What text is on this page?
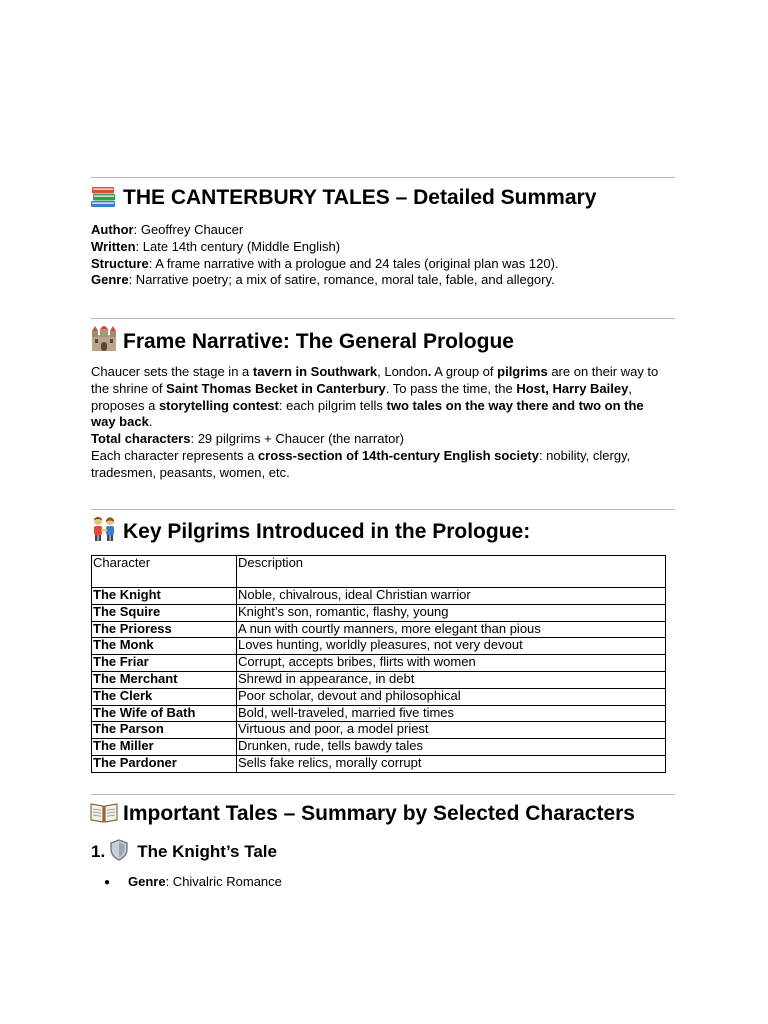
THE CANTERBURY TALES – Detailed Summary
Author: Geoffrey Chaucer
Written: Late 14th century (Middle English)
Structure: A frame narrative with a prologue and 24 tales (original plan was 120).
Genre: Narrative poetry; a mix of satire, romance, moral tale, fable, and allegory.
Frame Narrative: The General Prologue
Chaucer sets the stage in a tavern in Southwark, London. A group of pilgrims are on their way to the shrine of Saint Thomas Becket in Canterbury. To pass the time, the Host, Harry Bailey, proposes a storytelling contest: each pilgrim tells two tales on the way there and two on the way back.
Total characters: 29 pilgrims + Chaucer (the narrator)
Each character represents a cross-section of 14th-century English society: nobility, clergy, tradesmen, peasants, women, etc.
Key Pilgrims Introduced in the Prologue:
Character	Description
The Knight	Noble, chivalrous, ideal Christian warrior
The Squire	Knight’s son, romantic, flashy, young
The Prioress	A nun with courtly manners, more elegant than pious
The Monk	Loves hunting, worldly pleasures, not very devout
The Friar	Corrupt, accepts bribes, flirts with women
The Merchant	Shrewd in appearance, in debt
The Clerk	Poor scholar, devout and philosophical
The Wife of Bath	Bold, well-traveled, married five times
The Parson	Virtuous and poor, a model priest
The Miller	Drunken, rude, tells bawdy tales
The Pardoner	Sells fake relics, morally corrupt
Important Tales – Summary by Selected Characters
1. The Knight’s Tale
● Genre: Chivalric Romance
